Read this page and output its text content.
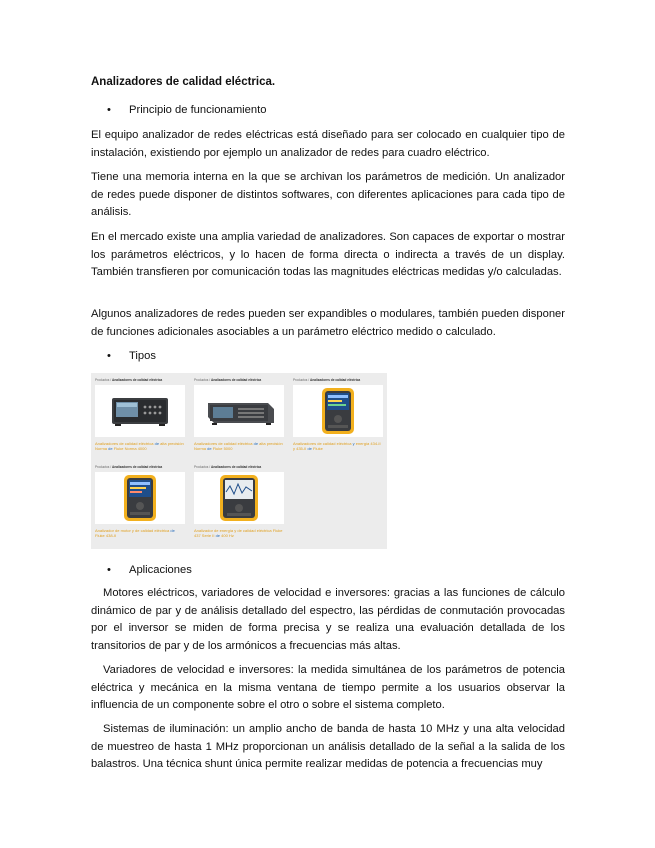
Analizadores de calidad eléctrica.

• Principio de funcionamiento

El equipo analizador de redes eléctricas está diseñado para ser colocado en cualquier tipo de instalación, existiendo por ejemplo un analizador de redes para cuadro eléctrico.

Tiene una memoria interna en la que se archivan los parámetros de medición. Un analizador de redes puede disponer de distintos softwares, con diferentes aplicaciones para cada tipo de análisis.

En el mercado existe una amplia variedad de analizadores. Son capaces de exportar o mostrar los parámetros eléctricos, y lo hacen de forma directa o indirecta a través de un display. También transfieren por comunicación todas las magnitudes eléctricas medidas y/o calculadas.

Algunos analizadores de redes pueden ser expandibles o modulares, también pueden disponer de funciones adicionales asociables a un parámetro eléctrico medido o calculado.

• Tipos
• Aplicaciones

Motores eléctricos, variadores de velocidad e inversores: gracias a las funciones de cálculo dinámico de par y de análisis detallado del espectro, las pérdidas de conmutación provocadas por el inversor se miden de forma precisa y se realiza una evaluación detallada de los transitorios de par y de los armónicos a frecuencias más altas.

Variadores de velocidad e inversores: la medida simultánea de los parámetros de potencia eléctrica y mecánica en la misma ventana de tiempo permite a los usuarios observar la influencia de un componente sobre el otro o sobre el sistema completo.

Sistemas de iluminación: un amplio ancho de banda de hasta 10 MHz y una alta velocidad de muestreo de hasta 1 MHz proporcionan un análisis detallado de la señal a la salida de los balastros. Una técnica shunt única permite realizar medidas de potencia a frecuencias muy

Productos / Analizadores de calidad eléctrica
Analizadores de calidad eléctrica de alta precisión Norma de Fluke Norma 4000
Productos / Analizadores de calidad eléctrica
Analizadores de calidad eléctrica de alta precisión Norma de Fluke 5000
Productos / Analizadores de calidad eléctrica
Analizadores de calidad eléctrica y energía 434-II y 435-II de Fluke
Productos / Analizadores de calidad eléctrica
Analizador de motor y de calidad eléctrica de Fluke 438-II
Productos / Analizadores de calidad eléctrica
Analizador de energía y de calidad eléctrica Fluke 437 Serie II de 400 Hz
